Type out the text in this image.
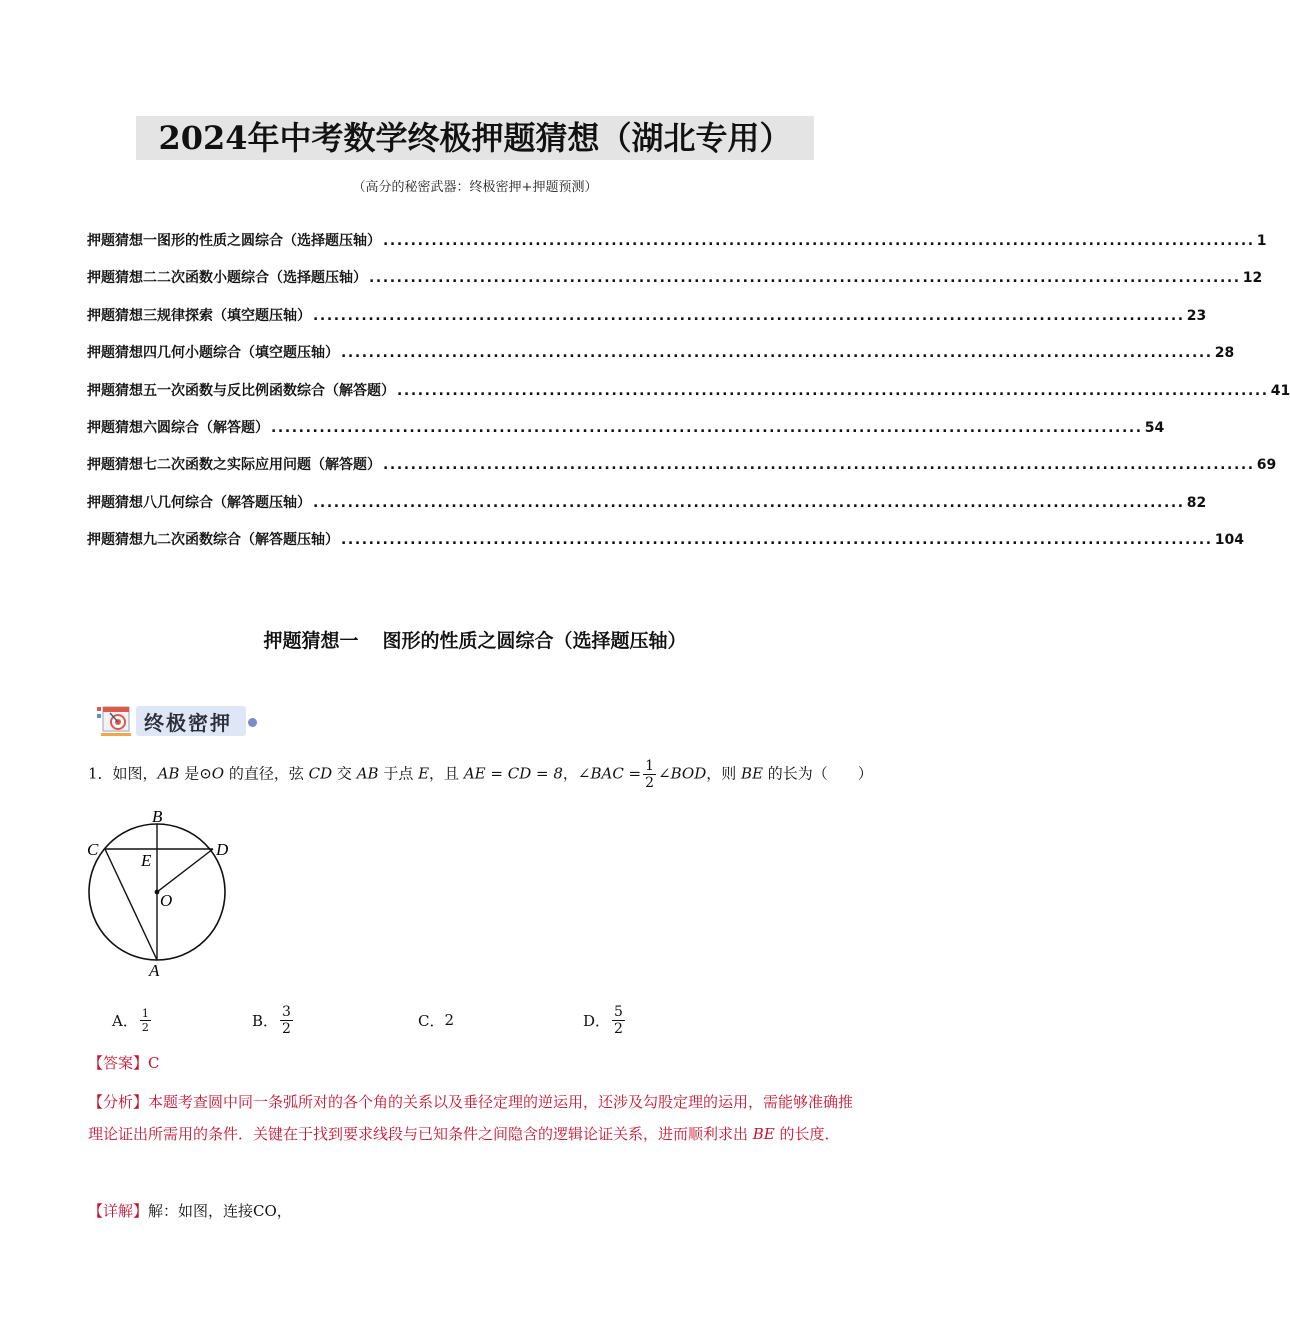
2024年中考数学终极押题猜想（湖北专用）
（高分的秘密武器：终极密押+押题预测）
押题猜想一 图形的性质之圆综合（选择题压轴） .............................................................................................................................. 1
押题猜想二 二次函数小题综合（选择题压轴） .............................................................................................................................. 12
押题猜想三 规律探索（填空题压轴） .............................................................................................................................. 23
押题猜想四 几何小题综合（填空题压轴） .............................................................................................................................. 28
押题猜想五 一次函数与反比例函数综合（解答题） .............................................................................................................................. 41
押题猜想六 圆综合（解答题） .............................................................................................................................. 54
押题猜想七 二次函数之实际应用问题（解答题） .............................................................................................................................. 69
押题猜想八 几何综合（解答题压轴） .............................................................................................................................. 82
押题猜想九 二次函数综合（解答题压轴） .............................................................................................................................. 104
押题猜想一 图形的性质之圆综合（选择题压轴）
终极密押
1．如图，AB 是⊙O 的直径，弦 CD 交 AB 于点 E，且 AE = CD = 8，∠BAC = $\frac{1}{2}$ ∠BOD，则 BE 的长为（　　）
B
C	D
E
O
A
A． $\frac{1}{2}$	B． $\frac{3}{2}$	C． 2	D． $\frac{5}{2}$
【答案】C
【分析】本题考查圆中同一条弧所对的各个角的关系以及垂径定理的逆运用，还涉及勾股定理的运用，需能够准确推理论证出所需用的条件．关键在于找到要求线段与已知条件之间隐含的逻辑论证关系，进而顺利求出 BE 的长度．
【详解】解：如图，连接CO，
